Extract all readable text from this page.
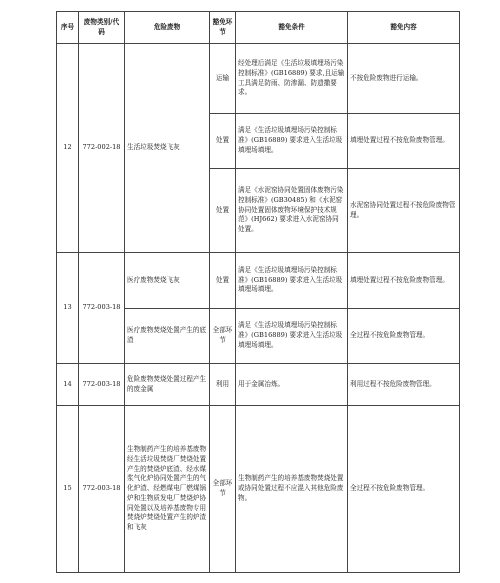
序号	废物类别/代码	危险废物	豁免环节	豁免条件	豁免内容
12	772-002-18	生活垃圾焚烧飞灰	运输	经处理后满足《生活垃圾填埋场污染控制标准》(GB16889) 要求,且运输工具满足防雨、防渗漏、防遗撒要求。	不按危险废物进行运输。
			处置	满足《生活垃圾填埋场污染控制标准》(GB16889) 要求进入生活垃圾填埋场填埋。	填埋处置过程不按危险废物管理。
			处置	满足《水泥窑协同处置固体废物污染控制标准》(GB30485) 和《水泥窑协同处置固体废物环境保护技术规范》(HJ662) 要求进入水泥窑协同处置。	水泥窑协同处置过程不按危险废物管理。
13	772-003-18	医疗废物焚烧飞灰	处置	满足《生活垃圾填埋场污染控制标准》(GB16889) 要求进入生活垃圾填埋场填埋。	填埋处置过程不按危险废物管理。
		医疗废物焚烧处置产生的底渣	全部环节	满足《生活垃圾填埋场污染控制标准》(GB16889) 要求进入生活垃圾填埋场填埋。	全过程不按危险废物管理。
14	772-003-18	危险废物焚烧处置过程产生的废金属	利用	用于金属冶炼。	利用过程不按危险废物管理。
15	772-003-18	生物制药产生的培养基废物经生活垃圾焚烧厂焚烧处置产生的焚烧炉底渣、经水煤浆气化炉协同处置产生的气化炉渣、经燃煤电厂燃煤锅炉和生物质发电厂焚烧炉协同处置以及培养基废物专用焚烧炉焚烧处置产生的炉渣和飞灰	全部环节	生物制药产生的培养基废物焚烧处置或协同处置过程不应混入其他危险废物。	全过程不按危险废物管理。
